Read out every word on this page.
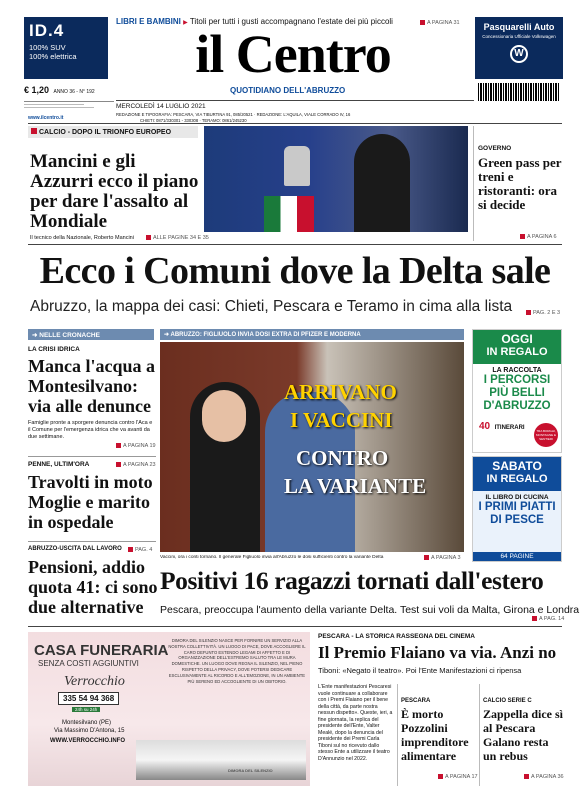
ID.4
100% SUV
100% elettrica
€ 1,20 ANNO 36 - N° 192
LIBRI E BAMBINI ▶ Titoli per tutti i gusti accompagnano l'estate dei più piccoli	A PAGINA 31
il Centro
QUOTIDIANO DELL'ABRUZZO
Pasquarelli Auto
Concessionaria Ufficiale Volkswagen
W
MERCOLEDÌ 14 LUGLIO 2021
REDAZIONE E TIPOGRAFIA: PESCARA, VIA TIBURTINA 91, 085/20521 · REDAZIONE: L'AQUILA, VIALE CORRADO IV, 16
CHIETI: 0871/330301 - 330308 · TERAMO: 0861/245230
www.ilcentro.it
CALCIO - DOPO IL TRIONFO EUROPEO
Mancini e gli Azzurri ecco il piano per dare l'assalto al Mondiale
Il tecnico della Nazionale, Roberto Mancini	ALLE PAGINE 34 E 35
GOVERNO
Green pass per treni e ristoranti: ora si decide
A PAGINA 6
Ecco i Comuni dove la Delta sale
Abruzzo, la mappa dei casi: Chieti, Pescara e Teramo in cima alla lista	PAG. 2 E 3
➜ NELLE CRONACHE
LA CRISI IDRICA
Manca l'acqua a Montesilvano: via alle denunce
Famiglie pronte a sporgere denuncia contro l'Aca e il Comune per l'emergenza idrica che va avanti da due settimane.
A PAGINA 19
PENNE, ULTIM'ORA	A PAGINA 23
Travolti in moto Moglie e marito in ospedale
ABRUZZO-USCITA DAL LAVORO	PAG. 4
Pensioni, addio quota 41: ci sono due alternative
➜ ABRUZZO: FIGLIUOLO INVIA DOSI EXTRA DI PFIZER E MODERNA
ARRIVANO
I VACCINI
CONTRO
LA VARIANTE
Vaccini, ora i conti tornano. Il generale Figliuolo invia all'Abruzzo le dosi sufficienti contro la variante Delta	A PAGINA 3
OGGI
IN REGALO
LA RACCOLTA
I PERCORSI PIÙ BELLI D'ABRUZZO
40 ITINERARI	TRA BORGHI, MONTAGNE E SENTIERI
SABATO
IN REGALO
IL LIBRO DI CUCINA
I PRIMI PIATTI DI PESCE
64 PAGINE
Positivi 16 ragazzi tornati dall'estero
Pescara, preoccupa l'aumento della variante Delta. Test sui voli da Malta, Girona e Londra
A PAG. 14
CASA FUNERARIA
SENZA COSTI AGGIUNTIVI
Verrocchio
335 54 94 368
24h su 24h
Montesilvano (PE)
Via Massimo D'Antona, 15
WWW.VERROCCHIO.INFO
DIMORA DEL SILENZIO NASCE PER FORNIRE UN SERVIZIO ALLA NOSTRA COLLETTIVITÀ. UN LUOGO DI PACE, DOVE ACCOGLIERE IL CARO DEFUNTO ESTENDO LEGAMI DI AFFETTO E DI ORGANIZZAZIONE DELL'ESTREMO SALUTO TRA LE MURA DOMESTICHE. UN LUOGO DOVE REGNA IL SILENZIO, NEL PIENO RISPETTO DELLA PRIVACY, DOVE POTERSI DEDICARE ESCLUSIVAMENTE AL RICORDO E ALL'EMOZIONE, IN UN AMBIENTE PIÙ SERENO ED ACCOGLIENTE DI UN OBITORIO.
DIMORA DEL SILENZIO
PESCARA - LA STORICA RASSEGNA DEL CINEMA
Il Premio Flaiano va via. Anzi no
Tiboni: «Negato il teatro». Poi l'Ente Manifestazioni ci ripensa
L'Ente manifestazioni Pescaresi vuole continuare a collaborare con i Premi Flaiano per il bene della città, da parte nostra nessun dispetto». Queste, ieri, a fine giornata, la replica del presidente dell'Ente, Valter Mealé, dopo la denuncia del presidente dei Premi Carla Tiboni sul no ricevuto dallo stesso Ente a utilizzare il teatro D'Annunzio nel 2022.
PESCARA
È morto Pozzolini imprenditore alimentare
A PAGINA 17
CALCIO SERIE C
Zappella dice sì al Pescara Galano resta un rebus
A PAGINA 36
